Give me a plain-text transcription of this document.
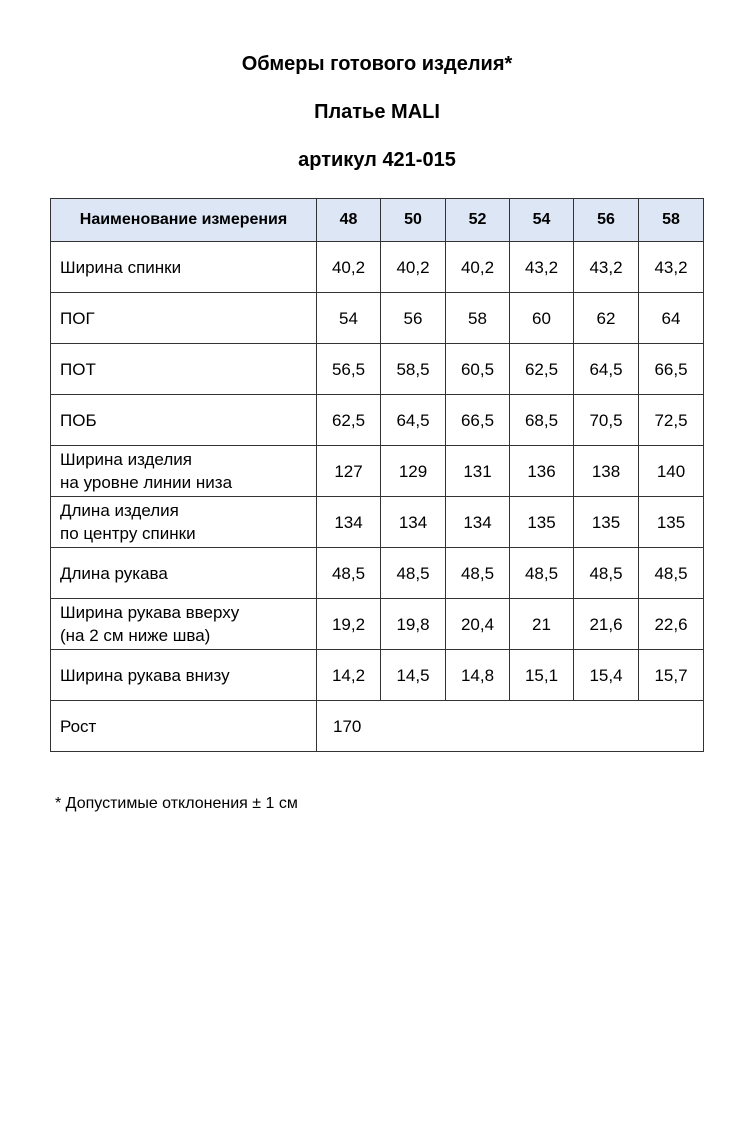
Обмеры готового изделия*
Платье MALI
артикул 421-015
Наименование измерения	48	50	52	54	56	58

Ширина спинки	40,2	40,2	40,2	43,2	43,2	43,2

ПОГ	54	56	58	60	62	64

ПОТ	56,5	58,5	60,5	62,5	64,5	66,5

ПОБ	62,5	64,5	66,5	68,5	70,5	72,5

Ширина изделия
на уровне линии низа	127	129	131	136	138	140

Длина изделия
по центру спинки	134	134	134	135	135	135

Длина рукава	48,5	48,5	48,5	48,5	48,5	48,5

Ширина рукава вверху
(на 2 см ниже шва)	19,2	19,8	20,4	21	21,6	22,6

Ширина рукава внизу	14,2	14,5	14,8	15,1	15,4	15,7
Рост	170					
* Допустимые отклонения ± 1 см
